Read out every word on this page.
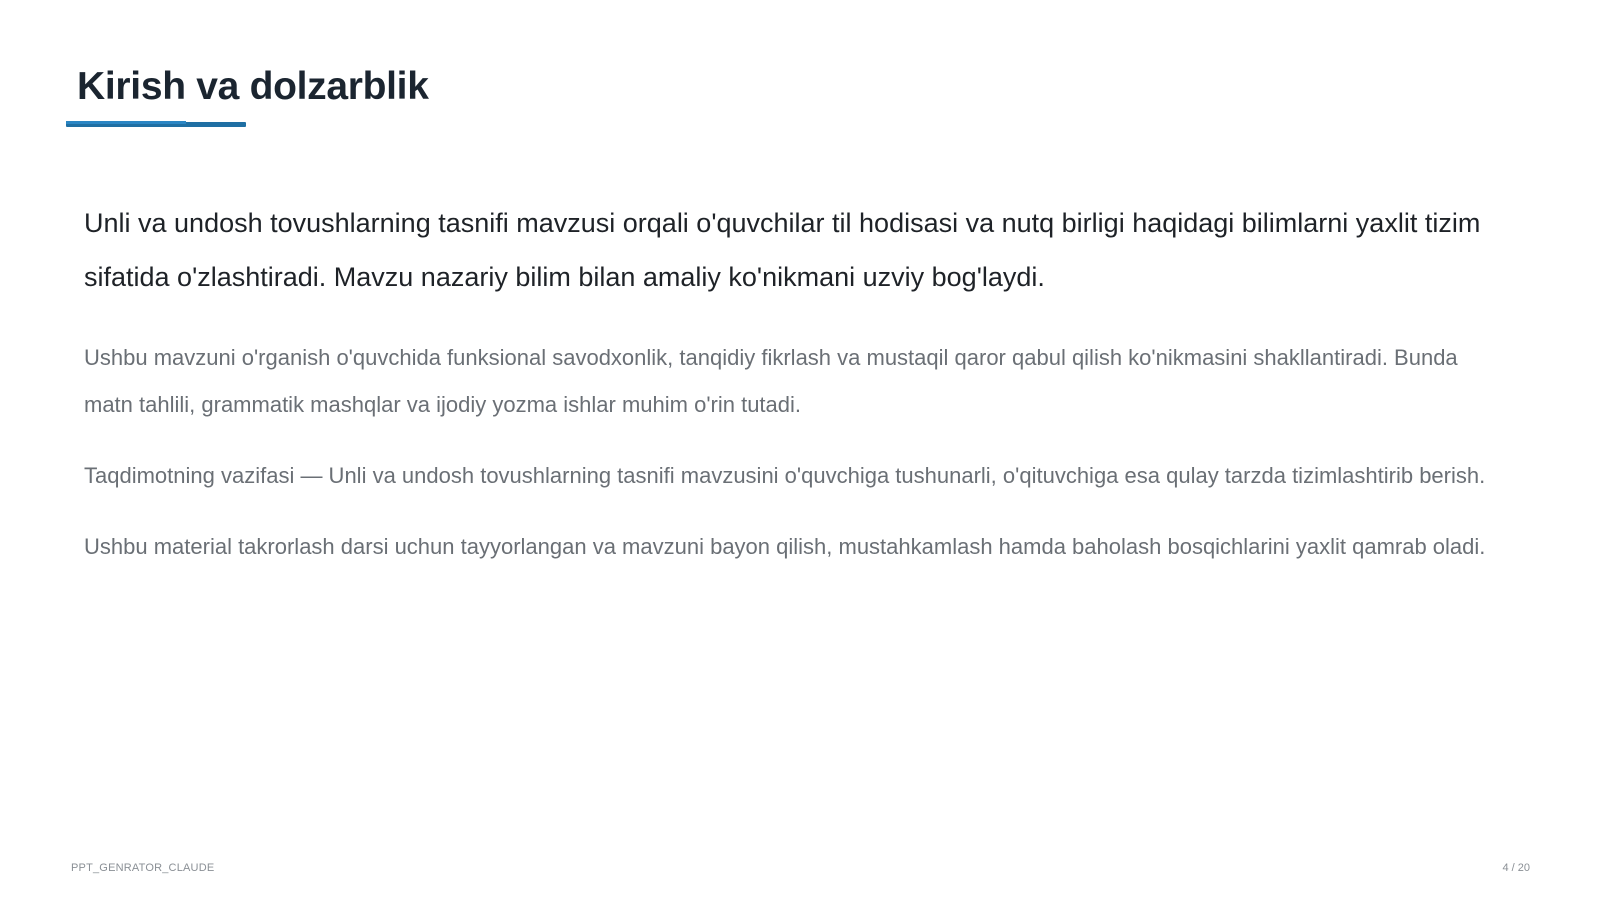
Kirish va dolzarblik

Unli va undosh tovushlarning tasnifi mavzusi orqali o'quvchilar til hodisasi va nutq birligi haqidagi bilimlarni yaxlit tizim sifatida o'zlashtiradi. Mavzu nazariy bilim bilan amaliy ko'nikmani uzviy bog'laydi.

Ushbu mavzuni o'rganish o'quvchida funksional savodxonlik, tanqidiy fikrlash va mustaqil qaror qabul qilish ko'nikmasini shakllantiradi. Bunda matn tahlili, grammatik mashqlar va ijodiy yozma ishlar muhim o'rin tutadi.

Taqdimotning vazifasi — Unli va undosh tovushlarning tasnifi mavzusini o'quvchiga tushunarli, o'qituvchiga esa qulay tarzda tizimlashtirib berish.

Ushbu material takrorlash darsi uchun tayyorlangan va mavzuni bayon qilish, mustahkamlash hamda baholash bosqichlarini yaxlit qamrab oladi.

PPT_GENRATOR_CLAUDE	4 / 20
